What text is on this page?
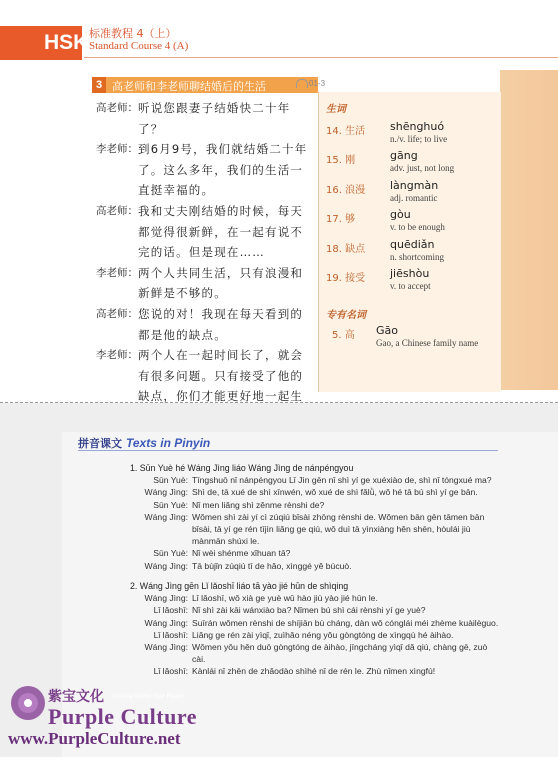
HSK 标准教程 4（上）
Standard Course 4 (A)
3 高老师和李老师聊结婚后的生活	01-3
高老师： 听说您跟妻子结婚快二十年了？
李老师： 到6月9号，我们就结婚二十年了。这么多年，我们的生活一直挺幸福的。
高老师： 我和丈夫刚结婚的时候，每天都觉得很新鲜，在一起有说不完的话。但是现在……
李老师： 两个人共同生活，只有浪漫和新鲜是不够的。
高老师： 您说的对！我现在每天看到的都是他的缺点。
李老师： 两个人在一起时间长了，就会有很多问题。只有接受了他的缺点，你们才能更好地一起生
生词
14. 生活 shēnghuó
n./v. life; to live
15. 刚	gāng
adv. just, not long
16. 浪漫 làngmàn
adj. romantic
17. 够	gòu
v. to be enough
18. 缺点 quēdiǎn
n. shortcoming
19. 接受 jiēshòu
v. to accept
专有名词
5. 高 Gāo
Gao, a Chinese family name
拼音课文 Texts in Pinyin
1. Sūn Yuè hé Wáng Jìng liáo Wáng Jìng de nánpéngyou
Sūn Yuè: Tīngshuō nǐ nánpéngyou Lǐ Jìn gēn nǐ shì yí ge xuéxiào de, shì nǐ tóngxué ma?
Wáng Jìng: Shì de, tā xué de shì xīnwén, wǒ xué de shì fǎlǜ, wǒ hé tā bú shì yí ge bān.
Sūn Yuè: Nǐ men liǎng shì zěnme rènshi de?
Wáng Jìng: Wǒmen shì zài yí cì zúqiú bǐsài zhōng rènshi de. Wǒmen bān gēn tāmen bān
bǐsài, tā yí ge rén tījìn liǎng ge qiú, wǒ duì tā yìnxiàng hěn shēn, hòulái jiù
mànmān shúxi le.
Sūn Yuè: Nǐ wèi shénme xǐhuan tā?
Wáng Jìng: Tā bùjǐn zúqiú tī de hǎo, xìnggé yě búcuò.
2. Wáng Jìng gēn Lǐ lǎoshī liáo tā yào jié hūn de shìqing
Wáng Jìng: Lǐ lǎoshī, wǒ xià ge yuè wǔ hào jiù yào jié hūn le.
Lǐ lǎoshī: Nǐ shì zài kāi wánxiào ba? Nǐmen bú shì cái rènshi yí ge yuè?
Wáng Jìng: Suīrán wǒmen rènshi de shíjiān bù cháng, dàn wǒ cónglái méi zhème kuàilèguo.
Lǐ lǎoshī: Liǎng ge rén zài yìqǐ, zuìhǎo néng yǒu gòngtóng de xìngqù hé àihào.
Wáng Jìng: Wǒmen yǒu hěn duō gòngtóng de àihào, jīngcháng yìqǐ dǎ qiú, chàng gē, zuò
cài.
Lǐ lǎoshī: Kànlái nǐ zhēn de zhǎodào shìhé nǐ de rén le. Zhù nǐmen xìngfú!
紫宝文化 A China Within Your Reach
Purple Culture
www.PurpleCulture.net
